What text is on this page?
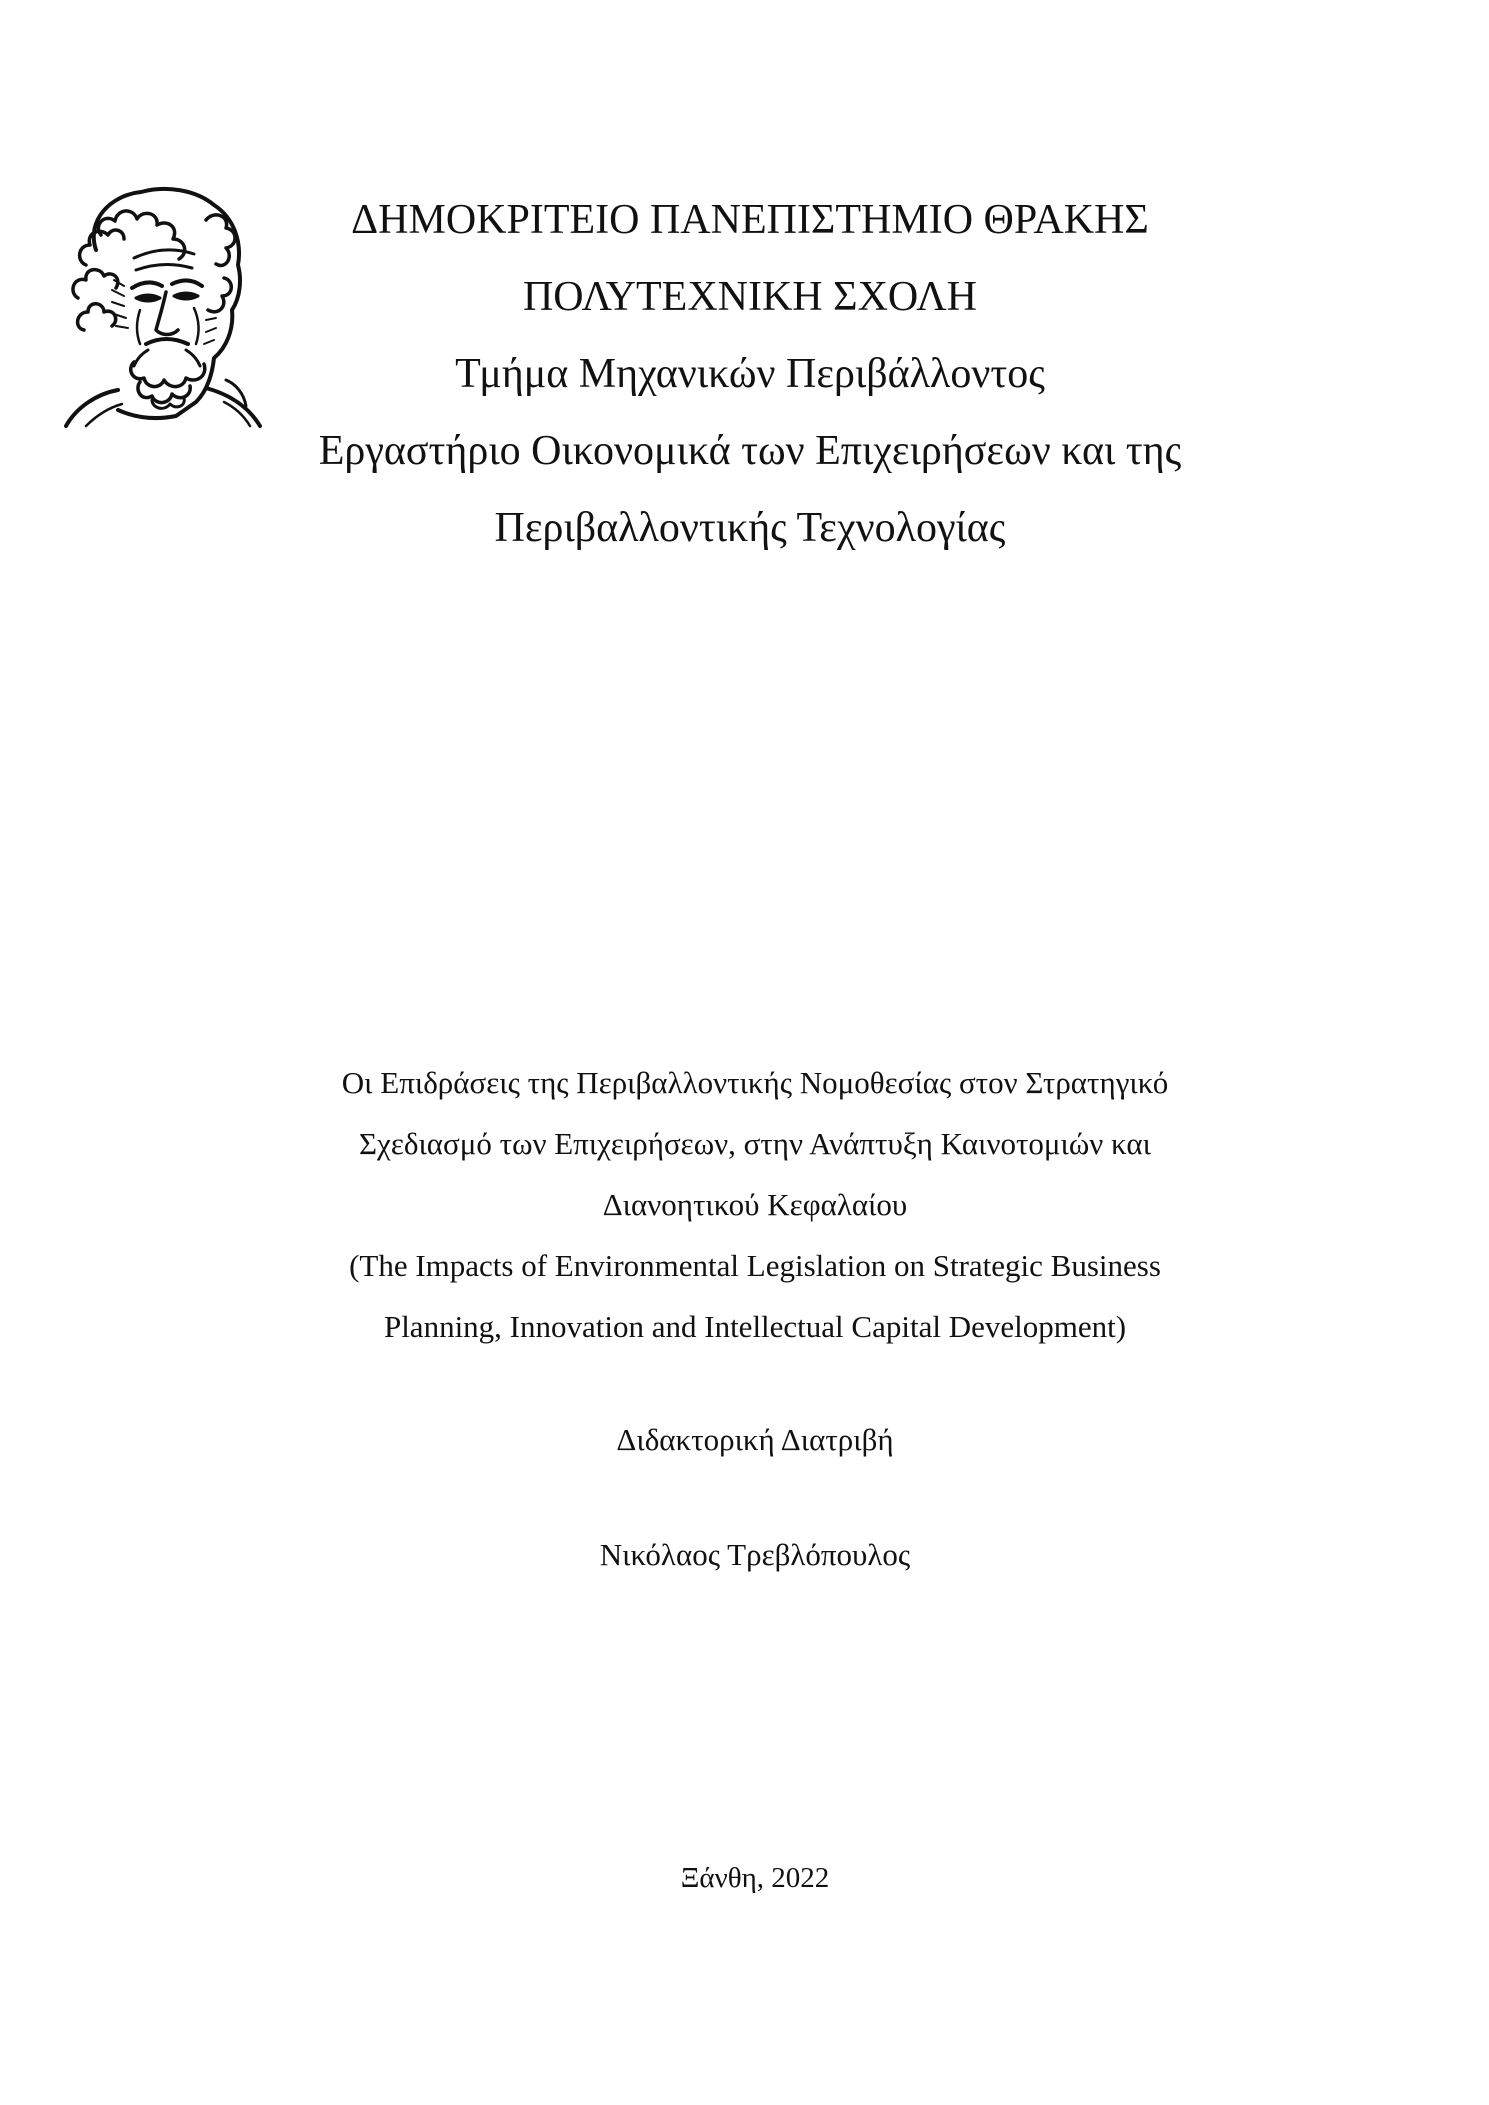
ΔΗΜΟΚΡΙΤΕΙΟ ΠΑΝΕΠΙΣΤΗΜΙΟ ΘΡΑΚΗΣ
ΠΟΛΥΤΕΧΝΙΚΗ ΣΧΟΛΗ
Τμήμα Μηχανικών Περιβάλλοντος
Εργαστήριο Οικονομικά των Επιχειρήσεων και της
Περιβαλλοντικής Τεχνολογίας
Οι Επιδράσεις της Περιβαλλοντικής Νομοθεσίας στον Στρατηγικό
Σχεδιασμό των Επιχειρήσεων, στην Ανάπτυξη Καινοτομιών και
Διανοητικού Κεφαλαίου
(The Impacts of Environmental Legislation on Strategic Business
Planning, Innovation and Intellectual Capital Development)
Διδακτορική Διατριβή
Νικόλαος Τρεβλόπουλος
Ξάνθη, 2022
